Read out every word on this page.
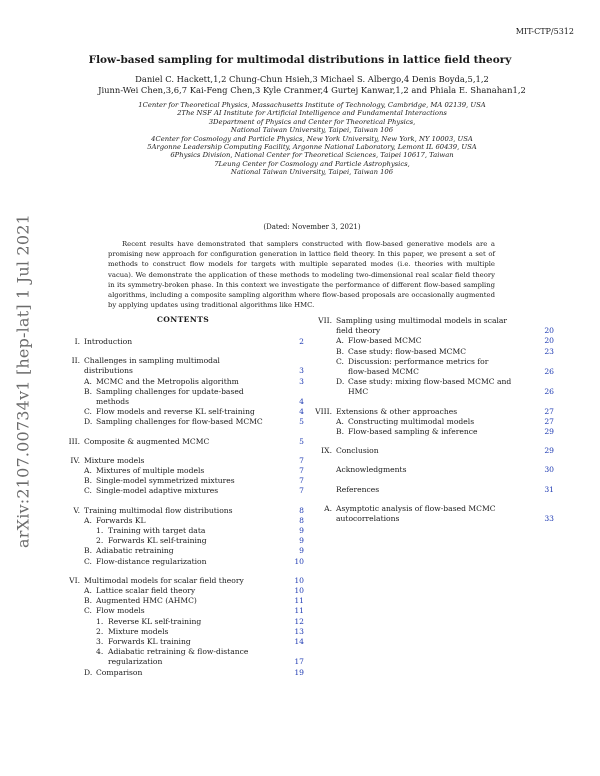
MIT-CTP/5312
arXiv:2107.00734v1 [hep-lat] 1 Jul 2021
Flow-based sampling for multimodal distributions in lattice field theory
Daniel C. Hackett,1,2 Chung-Chun Hsieh,3 Michael S. Albergo,4 Denis Boyda,5,1,2
Jiunn-Wei Chen,3,6,7 Kai-Feng Chen,3 Kyle Cranmer,4 Gurtej Kanwar,1,2 and Phiala E. Shanahan1,2
1Center for Theoretical Physics, Massachusetts Institute of Technology, Cambridge, MA 02139, USA
2The NSF AI Institute for Artificial Intelligence and Fundamental Interactions
3Department of Physics and Center for Theoretical Physics,
National Taiwan University, Taipei, Taiwan 106
4Center for Cosmology and Particle Physics, New York University, New York, NY 10003, USA
5Argonne Leadership Computing Facility, Argonne National Laboratory, Lemont IL 60439, USA
6Physics Division, National Center for Theoretical Sciences, Taipei 10617, Taiwan
7Leung Center for Cosmology and Particle Astrophysics,
National Taiwan University, Taipei, Taiwan 106
(Dated: November 3, 2021)
Recent results have demonstrated that samplers constructed with flow-based generative models are a promising new approach for configuration generation in lattice field theory. In this paper, we present a set of methods to construct flow models for targets with multiple separated modes (i.e. theories with multiple vacua). We demonstrate the application of these methods to modeling two-dimensional real scalar field theory in its symmetry-broken phase. In this context we investigate the performance of different flow-based sampling algorithms, including a composite sampling algorithm where flow-based proposals are occasionally augmented by applying updates using traditional algorithms like HMC.
CONTENTS
I. Introduction	2
II. Challenges in sampling multimodal
distributions	3
A. MCMC and the Metropolis algorithm	3
B. Sampling challenges for update-based
methods	4
C. Flow models and reverse KL self-training	4
D. Sampling challenges for flow-based MCMC	5
III. Composite & augmented MCMC	5
IV. Mixture models	7
A. Mixtures of multiple models	7
B. Single-model symmetrized mixtures	7
C. Single-model adaptive mixtures	7
V. Training multimodal flow distributions	8
A. Forwards KL	8
1. Training with target data	9
2. Forwards KL self-training	9
B. Adiabatic retraining	9
C. Flow-distance regularization	10
VI. Multimodal models for scalar field theory	10
A. Lattice scalar field theory	10
B. Augmented HMC (AHMC)	11
C. Flow models	11
1. Reverse KL self-training	12
2. Mixture models	13
3. Forwards KL training	14
4. Adiabatic retraining & flow-distance
regularization	17
D. Comparison	19
VII. Sampling using multimodal models in scalar
field theory	20
A. Flow-based MCMC	20
B. Case study: flow-based MCMC	23
C. Discussion: performance metrics for
flow-based MCMC	26
D. Case study: mixing flow-based MCMC and
HMC	26
VIII. Extensions & other approaches	27
A. Constructing multimodal models	27
B. Flow-based sampling & inference	29
IX. Conclusion	29
Acknowledgments	30
References	31
A. Asymptotic analysis of flow-based MCMC
autocorrelations	33
